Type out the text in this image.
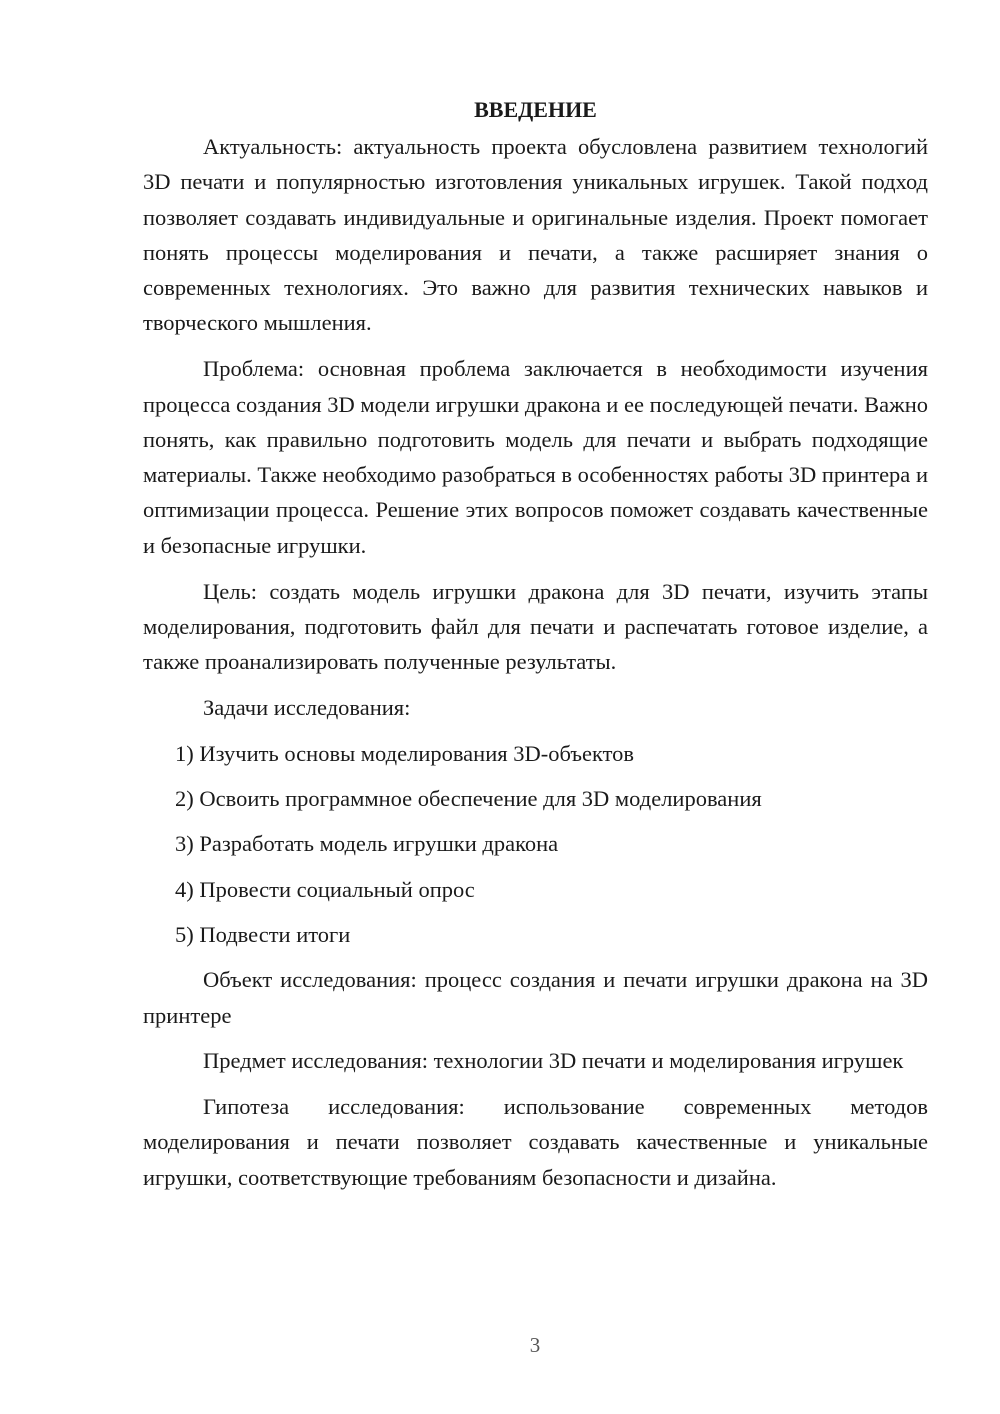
ВВЕДЕНИЕ

Актуальность: актуальность проекта обусловлена развитием технологий 3D печати и популярностью изготовления уникальных игрушек. Такой подход позволяет создавать индивидуальные и оригинальные изделия. Проект помогает понять процессы моделирования и печати, а также расширяет знания о современных технологиях. Это важно для развития технических навыков и творческого мышления.

Проблема: основная проблема заключается в необходимости изучения процесса создания 3D модели игрушки дракона и ее последующей печати. Важно понять, как правильно подготовить модель для печати и выбрать подходящие материалы. Также необходимо разобраться в особенностях работы 3D принтера и оптимизации процесса. Решение этих вопросов поможет создавать качественные и безопасные игрушки.

Цель: создать модель игрушки дракона для 3D печати, изучить этапы моделирования, подготовить файл для печати и распечатать готовое изделие, а также проанализировать полученные результаты.

Задачи исследования:

1) Изучить основы моделирования 3D-объектов
2) Освоить программное обеспечение для 3D моделирования
3) Разработать модель игрушки дракона
4) Провести социальный опрос
5) Подвести итоги

Объект исследования: процесс создания и печати игрушки дракона на 3D принтере

Предмет исследования: технологии 3D печати и моделирования игрушек

Гипотеза исследования: использование современных методов моделирования и печати позволяет создавать качественные и уникальные игрушки, соответствующие требованиям безопасности и дизайна.

3
